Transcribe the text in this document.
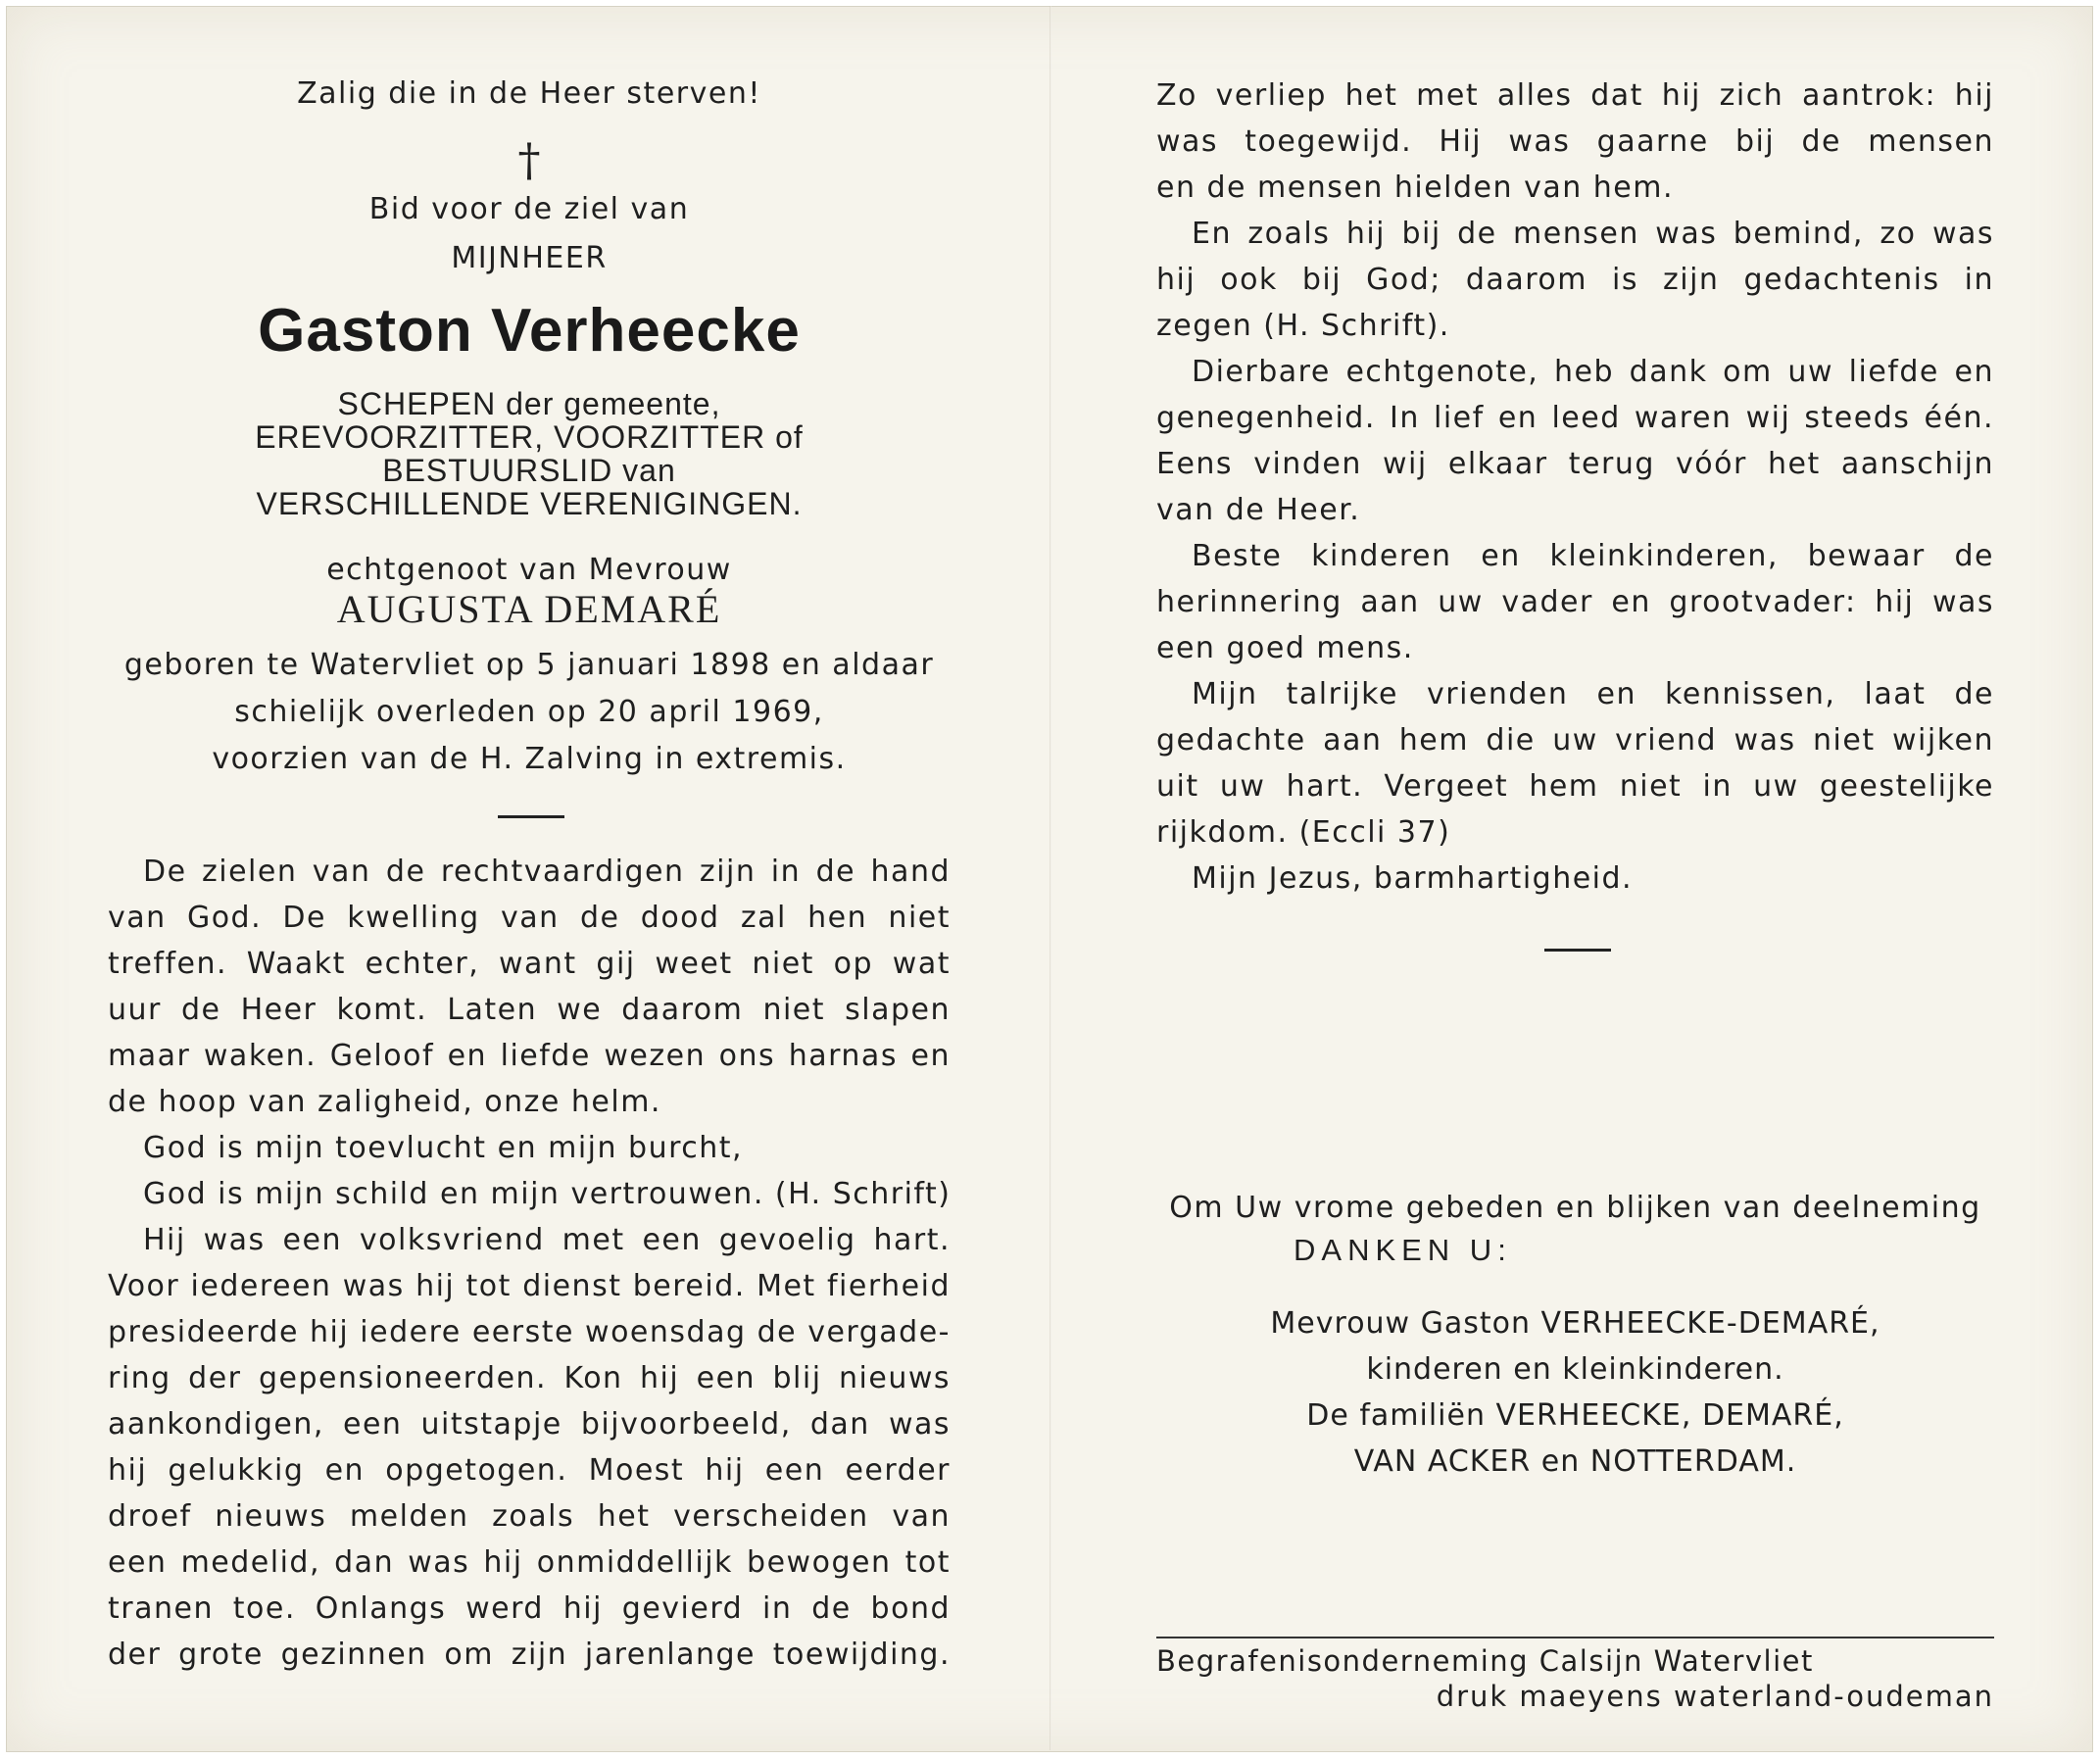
Zalig die in de Heer sterven!
†
Bid voor de ziel van
MIJNHEER
Gaston Verheecke
SCHEPEN der gemeente,
EREVOORZITTER, VOORZITTER of
BESTUURSLID van
VERSCHILLENDE VERENIGINGEN.
echtgenoot van Mevrouw
AUGUSTA DEMARÉ
geboren te Watervliet op 5 januari 1898 en aldaar
schielijk overleden op 20 april 1969,
voorzien van de H. Zalving in extremis.
De zielen van de rechtvaardigen zijn in de hand
van God. De kwelling van de dood zal hen niet
treffen. Waakt echter, want gij weet niet op wat
uur de Heer komt. Laten we daarom niet slapen
maar waken. Geloof en liefde wezen ons harnas en
de hoop van zaligheid, onze helm.
God is mijn toevlucht en mijn burcht,
God is mijn schild en mijn vertrouwen. (H. Schrift)
Hij was een volksvriend met een gevoelig hart.
Voor iedereen was hij tot dienst bereid. Met fierheid
presideerde hij iedere eerste woensdag de vergade-
ring der gepensioneerden. Kon hij een blij nieuws
aankondigen, een uitstapje bijvoorbeeld, dan was
hij gelukkig en opgetogen. Moest hij een eerder
droef nieuws melden zoals het verscheiden van
een medelid, dan was hij onmiddellijk bewogen tot
tranen toe. Onlangs werd hij gevierd in de bond
der grote gezinnen om zijn jarenlange toewijding.
Zo verliep het met alles dat hij zich aantrok: hij
was toegewijd. Hij was gaarne bij de mensen
en de mensen hielden van hem.
En zoals hij bij de mensen was bemind, zo was
hij ook bij God; daarom is zijn gedachtenis in
zegen (H. Schrift).
Dierbare echtgenote, heb dank om uw liefde en
genegenheid. In lief en leed waren wij steeds één.
Eens vinden wij elkaar terug vóór het aanschijn
van de Heer.
Beste kinderen en kleinkinderen, bewaar de
herinnering aan uw vader en grootvader: hij was
een goed mens.
Mijn talrijke vrienden en kennissen, laat de
gedachte aan hem die uw vriend was niet wijken
uit uw hart. Vergeet hem niet in uw geestelijke
rijkdom. (Eccli 37)
Mijn Jezus, barmhartigheid.
Om Uw vrome gebeden en blijken van deelneming
DANKEN U:
Mevrouw Gaston VERHEECKE-DEMARÉ,
kinderen en kleinkinderen.
De familiën VERHEECKE, DEMARÉ,
VAN ACKER en NOTTERDAM.
Begrafenisonderneming Calsijn Watervliet
druk maeyens waterland-oudeman
